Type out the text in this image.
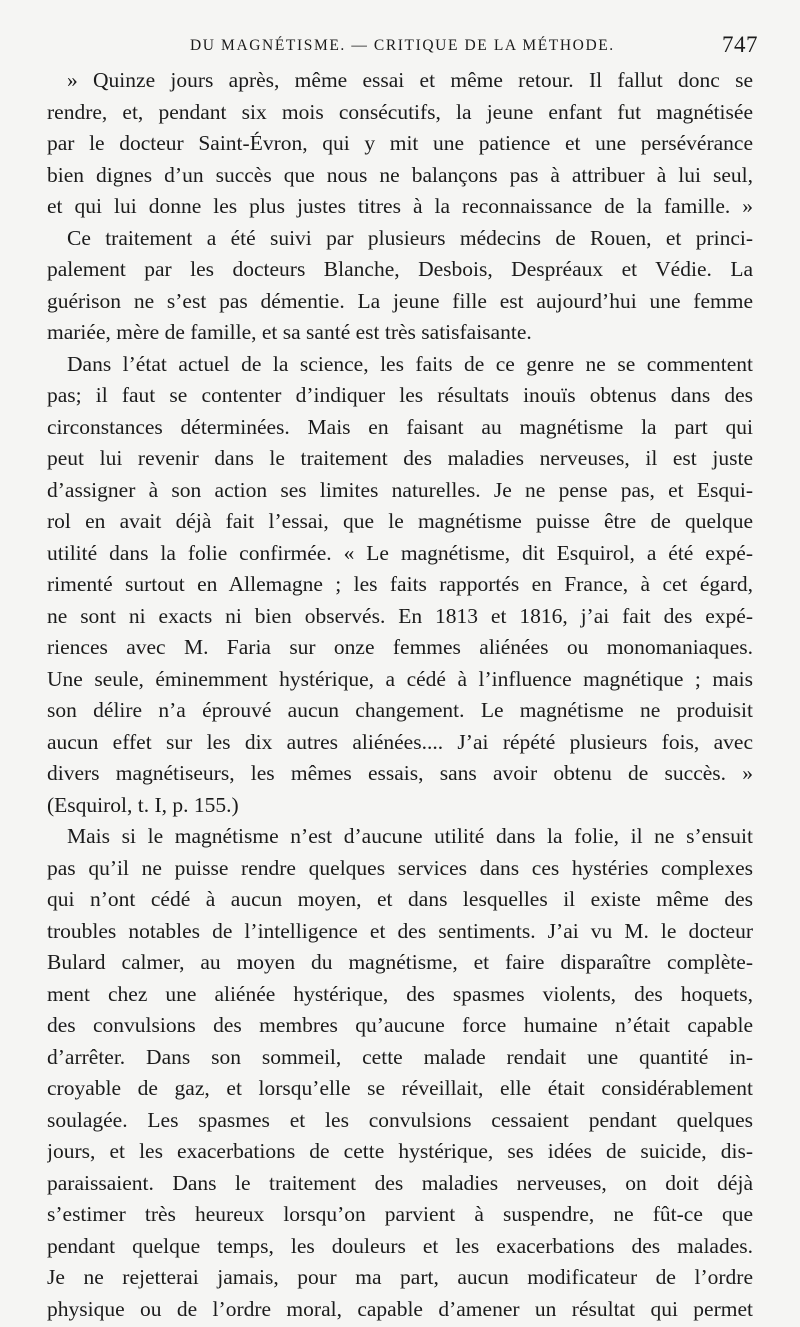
DU MAGNÉTISME. — CRITIQUE DE LA MÉTHODE.	747
» Quinze jours après, même essai et même retour. Il fallut donc se
rendre, et, pendant six mois consécutifs, la jeune enfant fut magnétisée
par le docteur Saint-Évron, qui y mit une patience et une persévérance
bien dignes d’un succès que nous ne balançons pas à attribuer à lui seul,
et qui lui donne les plus justes titres à la reconnaissance de la famille. »
Ce traitement a été suivi par plusieurs médecins de Rouen, et princi-
palement par les docteurs Blanche, Desbois, Despréaux et Védie. La
guérison ne s’est pas démentie. La jeune fille est aujourd’hui une femme
mariée, mère de famille, et sa santé est très satisfaisante.
Dans l’état actuel de la science, les faits de ce genre ne se commentent
pas; il faut se contenter d’indiquer les résultats inouïs obtenus dans des
circonstances déterminées. Mais en faisant au magnétisme la part qui
peut lui revenir dans le traitement des maladies nerveuses, il est juste
d’assigner à son action ses limites naturelles. Je ne pense pas, et Esqui-
rol en avait déjà fait l’essai, que le magnétisme puisse être de quelque
utilité dans la folie confirmée. « Le magnétisme, dit Esquirol, a été expé-
rimenté surtout en Allemagne ; les faits rapportés en France, à cet égard,
ne sont ni exacts ni bien observés. En 1813 et 1816, j’ai fait des expé-
riences avec M. Faria sur onze femmes aliénées ou monomaniaques.
Une seule, éminemment hystérique, a cédé à l’influence magnétique ; mais
son délire n’a éprouvé aucun changement. Le magnétisme ne produisit
aucun effet sur les dix autres aliénées.... J’ai répété plusieurs fois, avec
divers magnétiseurs, les mêmes essais, sans avoir obtenu de succès. »
(Esquirol, t. I, p. 155.)
Mais si le magnétisme n’est d’aucune utilité dans la folie, il ne s’ensuit
pas qu’il ne puisse rendre quelques services dans ces hystéries complexes
qui n’ont cédé à aucun moyen, et dans lesquelles il existe même des
troubles notables de l’intelligence et des sentiments. J’ai vu M. le docteur
Bulard calmer, au moyen du magnétisme, et faire disparaître complète-
ment chez une aliénée hystérique, des spasmes violents, des hoquets,
des convulsions des membres qu’aucune force humaine n’était capable
d’arrêter. Dans son sommeil, cette malade rendait une quantité in-
croyable de gaz, et lorsqu’elle se réveillait, elle était considérablement
soulagée. Les spasmes et les convulsions cessaient pendant quelques
jours, et les exacerbations de cette hystérique, ses idées de suicide, dis-
paraissaient. Dans le traitement des maladies nerveuses, on doit déjà
s’estimer très heureux lorsqu’on parvient à suspendre, ne fût-ce que
pendant quelque temps, les douleurs et les exacerbations des malades.
Je ne rejetterai jamais, pour ma part, aucun modificateur de l’ordre
physique ou de l’ordre moral, capable d’amener un résultat qui permet
